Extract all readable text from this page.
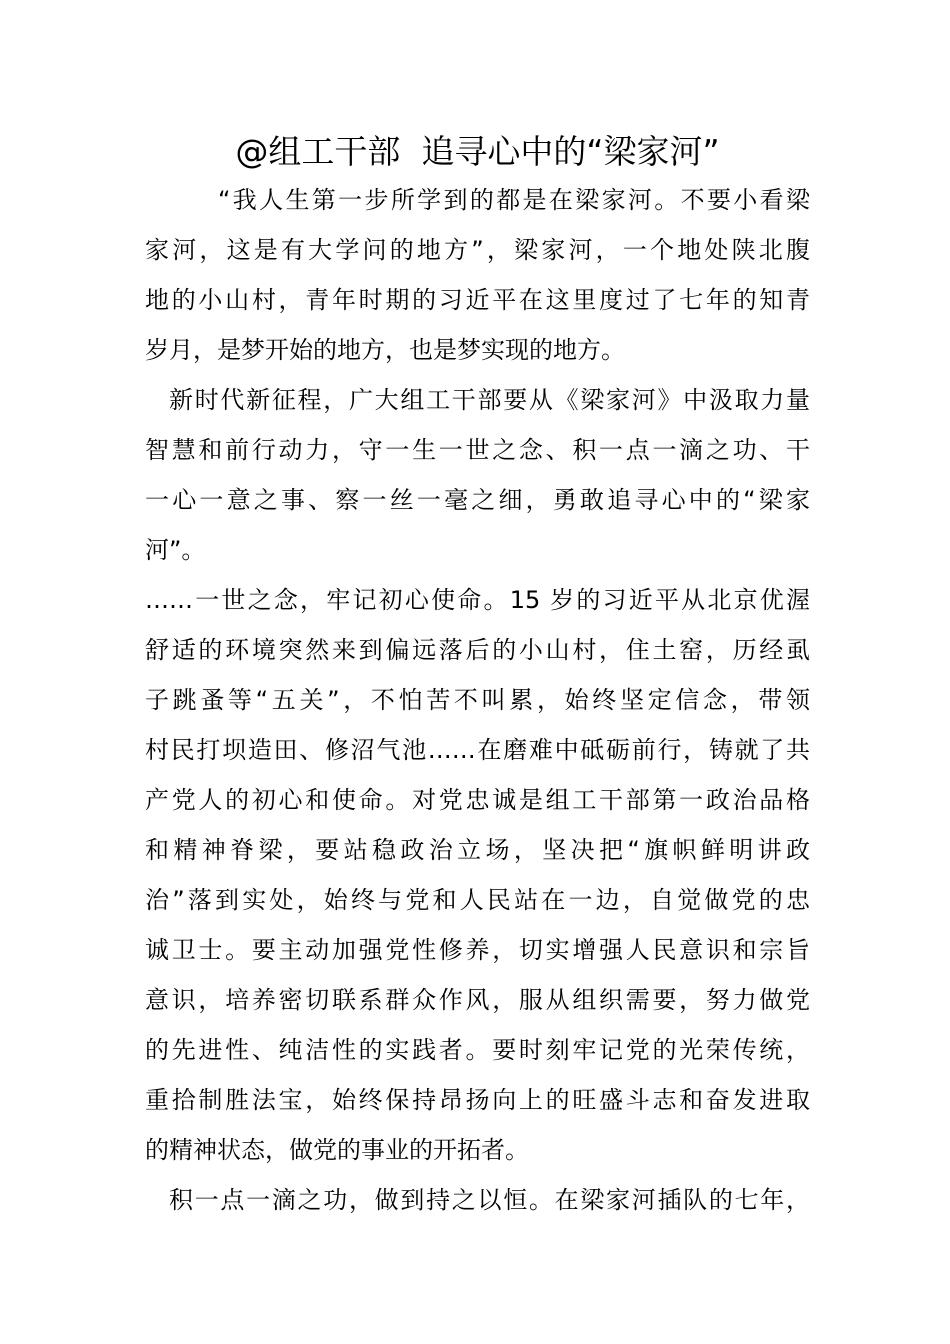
@组工干部  追寻心中的“梁家河”
“我人生第一步所学到的都是在梁家河。不要小看梁
家河，这是有大学问的地方”，梁家河，一个地处陕北腹
地的小山村，青年时期的习近平在这里度过了七年的知青
岁月，是梦开始的地方，也是梦实现的地方。
新时代新征程，广大组工干部要从《梁家河》中汲取力量
智慧和前行动力，守一生一世之念、积一点一滴之功、干
一心一意之事、察一丝一毫之细，勇敢追寻心中的“梁家
河”。
……一世之念，牢记初心使命。15 岁的习近平从北京优渥
舒适的环境突然来到偏远落后的小山村，住土窑，历经虱
子跳蚤等“五关”，不怕苦不叫累，始终坚定信念，带领
村民打坝造田、修沼气池……在磨难中砥砺前行，铸就了共
产党人的初心和使命。对党忠诚是组工干部第一政治品格
和精神脊梁，要站稳政治立场，坚决把“旗帜鲜明讲政
治”落到实处，始终与党和人民站在一边，自觉做党的忠
诚卫士。要主动加强党性修养，切实增强人民意识和宗旨
意识，培养密切联系群众作风，服从组织需要，努力做党
的先进性、纯洁性的实践者。要时刻牢记党的光荣传统，
重拾制胜法宝，始终保持昂扬向上的旺盛斗志和奋发进取
的精神状态，做党的事业的开拓者。
积一点一滴之功，做到持之以恒。在梁家河插队的七年，
